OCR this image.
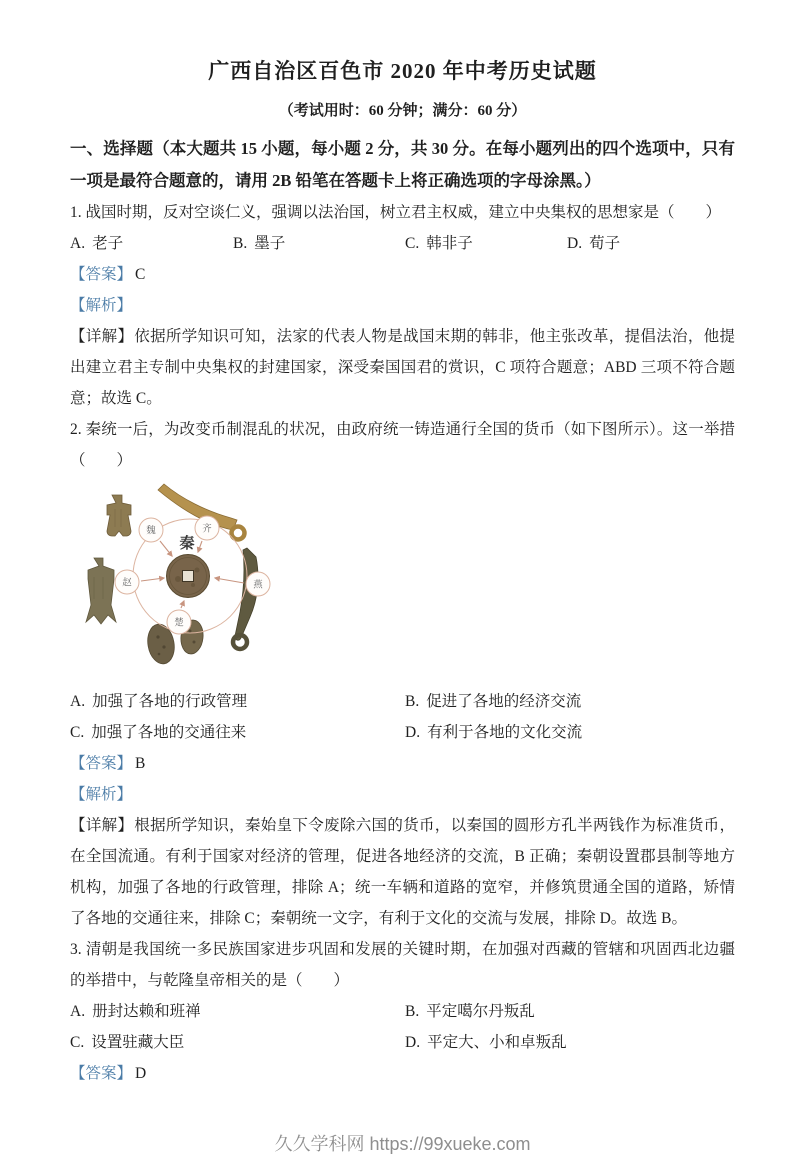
广西自治区百色市 2020 年中考历史试题
（考试用时：60 分钟；满分：60 分）
一、选择题（本大题共 15 小题，每小题 2 分，共 30 分。在每小题列出的四个选项中，只有一项是最符合题意的，请用 2B 铅笔在答题卡上将正确选项的字母涂黑。）
1. 战国时期，反对空谈仁义，强调以法治国，树立君主权威，建立中央集权的思想家是（　　）
A. 老子	B. 墨子	C. 韩非子	D. 荀子
【答案】 C
【解析】
【详解】依据所学知识可知，法家的代表人物是战国末期的韩非，他主张改革，提倡法治，他提出建立君主专制中央集权的封建国家，深受秦国国君的赏识，C 项符合题意；ABD 三项不符合题意；故选 C。
2. 秦统一后，为改变币制混乱的状况，由政府统一铸造通行全国的货币（如下图所示）。这一举措（　　）
魏	齐
赵	燕
楚
秦
A. 加强了各地的行政管理	B. 促进了各地的经济交流
C. 加强了各地的交通往来	D. 有利于各地的文化交流
【答案】 B
【解析】
【详解】根据所学知识，秦始皇下令废除六国的货币，以秦国的圆形方孔半两钱作为标准货币，在全国流通。有利于国家对经济的管理，促进各地经济的交流，B 正确；秦朝设置郡县制等地方机构，加强了各地的行政管理，排除 A；统一车辆和道路的宽窄，并修筑贯通全国的道路，矫情了各地的交通往来，排除 C；秦朝统一文字，有利于文化的交流与发展，排除 D。故选 B。
3. 清朝是我国统一多民族国家进步巩固和发展的关键时期，在加强对西藏的管辖和巩固西北边疆的举措中，与乾隆皇帝相关的是（　　）
A. 册封达赖和班禅	B. 平定噶尔丹叛乱
C. 设置驻藏大臣	D. 平定大、小和卓叛乱
【答案】 D
久久学科网 https://99xueke.com
